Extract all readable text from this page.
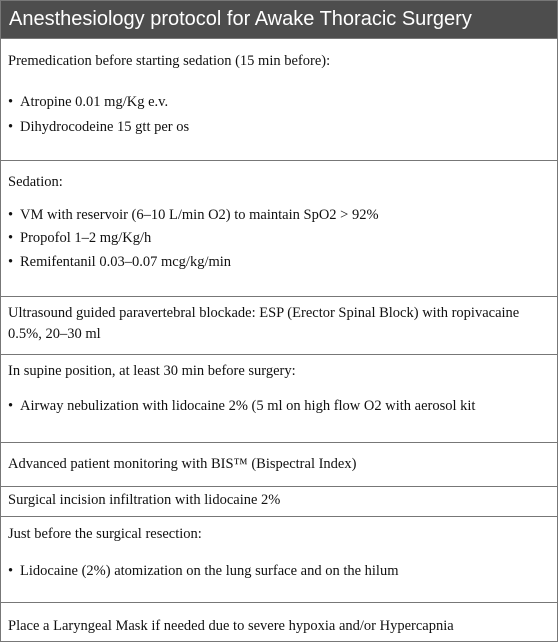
Anesthesiology protocol for Awake Thoracic Surgery
Premedication before starting sedation (15 min before):
• Atropine 0.01 mg/Kg e.v.
• Dihydrocodeine 15 gtt per os
Sedation:
• VM with reservoir (6–10 L/min O2) to maintain SpO2 > 92%
• Propofol 1–2 mg/Kg/h
• Remifentanil 0.03–0.07 mcg/kg/min
Ultrasound guided paravertebral blockade: ESP (Erector Spinal Block) with ropivacaine 0.5%, 20–30 ml
In supine position, at least 30 min before surgery:
• Airway nebulization with lidocaine 2% (5 ml on high flow O2 with aerosol kit
Advanced patient monitoring with BIS™ (Bispectral Index)
Surgical incision infiltration with lidocaine 2%
Just before the surgical resection:
• Lidocaine (2%) atomization on the lung surface and on the hilum
Place a Laryngeal Mask if needed due to severe hypoxia and/or Hypercapnia
